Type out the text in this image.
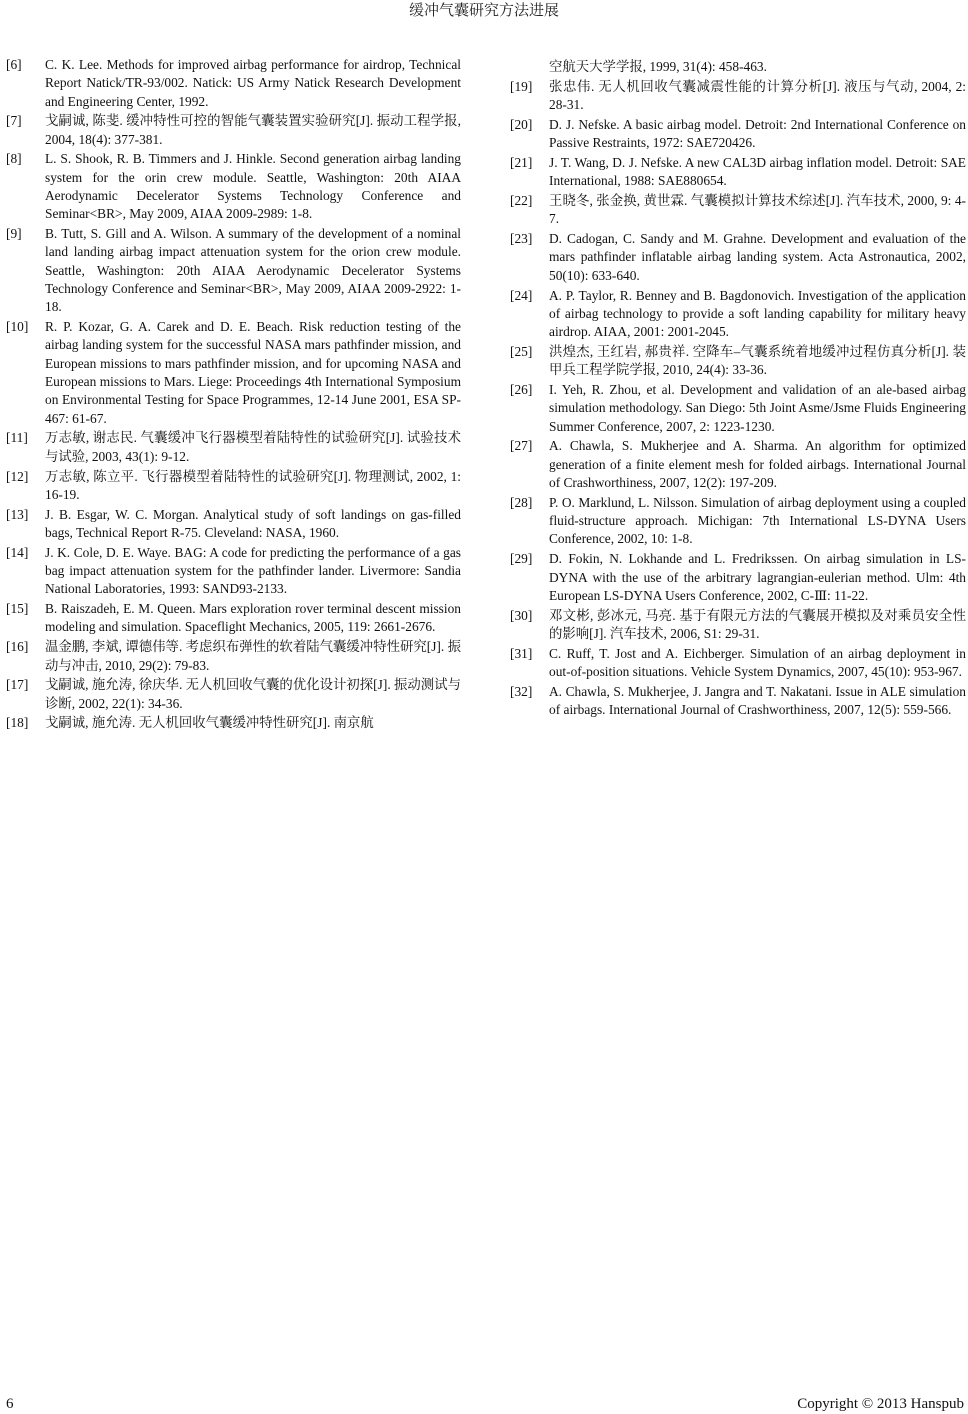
缓冲气囊研究方法进展
[6]	C. K. Lee. Methods for improved airbag performance for airdrop, Technical Report Natick/TR-93/002. Natick: US Army Natick Research Development and Engineering Center, 1992.
[7]	戈嗣诚, 陈斐. 缓冲特性可控的智能气囊装置实验研究[J]. 振动工程学报, 2004, 18(4): 377-381.
[8]	L. S. Shook, R. B. Timmers and J. Hinkle. Second generation airbag landing system for the orin crew module. Seattle, Washington: 20th AIAA Aerodynamic Decelerator Systems Technology Conference and Seminar<BR>, May 2009, AIAA 2009-2989: 1-8.
[9]	B. Tutt, S. Gill and A. Wilson. A summary of the development of a nominal land landing airbag impact attenuation system for the orion crew module. Seattle, Washington: 20th AIAA Aerodynamic Decelerator Systems Technology Conference and Seminar<BR>, May 2009, AIAA 2009-2922: 1-18.
[10]	R. P. Kozar, G. A. Carek and D. E. Beach. Risk reduction testing of the airbag landing system for the successful NASA mars pathfinder mission, and European missions to mars pathfinder mission, and for upcoming NASA and European missions to Mars. Liege: Proceedings 4th International Symposium on Environmental Testing for Space Programmes, 12-14 June 2001, ESA SP-467: 61-67.
[11]	万志敏, 谢志民. 气囊缓冲飞行器模型着陆特性的试验研究[J]. 试验技术与试验, 2003, 43(1): 9-12.
[12]	万志敏, 陈立平. 飞行器模型着陆特性的试验研究[J]. 物理测试, 2002, 1: 16-19.
[13]	J. B. Esgar, W. C. Morgan. Analytical study of soft landings on gas-filled bags, Technical Report R-75. Cleveland: NASA, 1960.
[14]	J. K. Cole, D. E. Waye. BAG: A code for predicting the performance of a gas bag impact attenuation system for the pathfinder lander. Livermore: Sandia National Laboratories, 1993: SAND93-2133.
[15]	B. Raiszadeh, E. M. Queen. Mars exploration rover terminal descent mission modeling and simulation. Spaceflight Mechanics, 2005, 119: 2661-2676.
[16]	温金鹏, 李斌, 谭德伟等. 考虑织布弹性的软着陆气囊缓冲特性研究[J]. 振动与冲击, 2010, 29(2): 79-83.
[17]	戈嗣诚, 施允涛, 徐庆华. 无人机回收气囊的优化设计初探[J]. 振动测试与诊断, 2002, 22(1): 34-36.
[18]	戈嗣诚, 施允涛. 无人机回收气囊缓冲特性研究[J]. 南京航
空航天大学学报, 1999, 31(4): 458-463.
[19]	张忠伟. 无人机回收气囊减震性能的计算分析[J]. 液压与气动, 2004, 2: 28-31.
[20]	D. J. Nefske. A basic airbag model. Detroit: 2nd International Conference on Passive Restraints, 1972: SAE720426.
[21]	J. T. Wang, D. J. Nefske. A new CAL3D airbag inflation model. Detroit: SAE International, 1988: SAE880654.
[22]	王晓冬, 张金换, 黄世霖. 气囊模拟计算技术综述[J]. 汽车技术, 2000, 9: 4-7.
[23]	D. Cadogan, C. Sandy and M. Grahne. Development and evaluation of the mars pathfinder inflatable airbag landing system. Acta Astronautica, 2002, 50(10): 633-640.
[24]	A. P. Taylor, R. Benney and B. Bagdonovich. Investigation of the application of airbag technology to provide a soft landing capability for military heavy airdrop. AIAA, 2001: 2001-2045.
[25]	洪煌杰, 王红岩, 郝贵祥. 空降车–气囊系统着地缓冲过程仿真分析[J]. 装甲兵工程学院学报, 2010, 24(4): 33-36.
[26]	I. Yeh, R. Zhou, et al. Development and validation of an ale-based airbag simulation methodology. San Diego: 5th Joint Asme/Jsme Fluids Engineering Summer Conference, 2007, 2: 1223-1230.
[27]	A. Chawla, S. Mukherjee and A. Sharma. An algorithm for optimized generation of a finite element mesh for folded airbags. International Journal of Crashworthiness, 2007, 12(2): 197-209.
[28]	P. O. Marklund, L. Nilsson. Simulation of airbag deployment using a coupled fluid-structure approach. Michigan: 7th International LS-DYNA Users Conference, 2002, 10: 1-8.
[29]	D. Fokin, N. Lokhande and L. Fredrikssen. On airbag simulation in LS-DYNA with the use of the arbitrary lagrangian-eulerian method. Ulm: 4th European LS-DYNA Users Conference, 2002, C-Ⅲ: 11-22.
[30]	邓文彬, 彭冰元, 马亮. 基于有限元方法的气囊展开模拟及对乘员安全性的影响[J]. 汽车技术, 2006, S1: 29-31.
[31]	C. Ruff, T. Jost and A. Eichberger. Simulation of an airbag deployment in out-of-position situations. Vehicle System Dynamics, 2007, 45(10): 953-967.
[32]	A. Chawla, S. Mukherjee, J. Jangra and T. Nakatani. Issue in ALE simulation of airbags. International Journal of Crashworthiness, 2007, 12(5): 559-566.
6	Copyright © 2013 Hanspub
